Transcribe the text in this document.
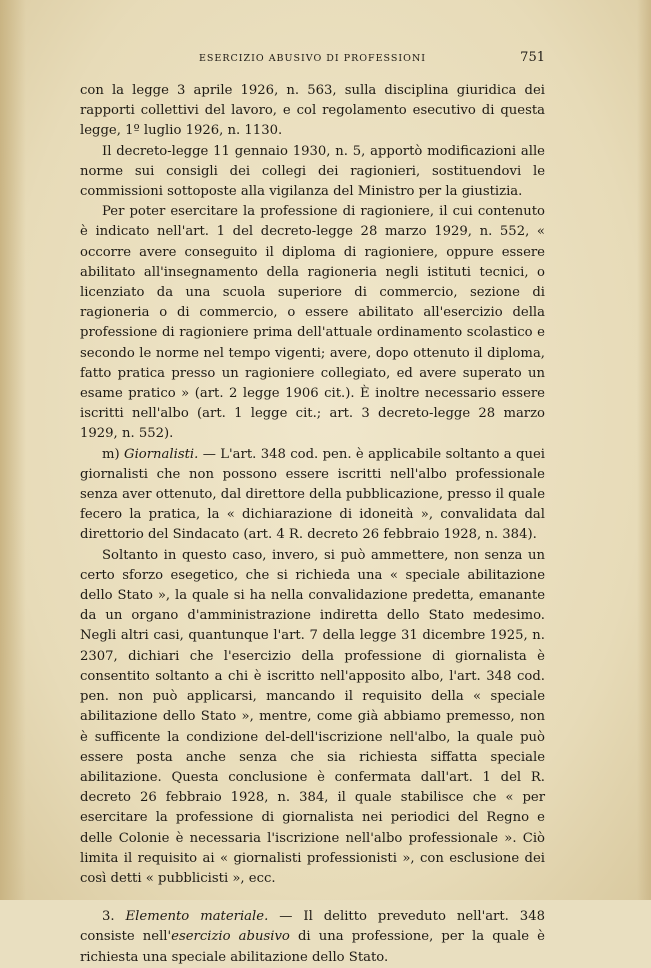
ESERCIZIO ABUSIVO DI PROFESSIONI	751

con la legge 3 aprile 1926, n. 563, sulla disciplina giuridica dei rapporti collettivi del lavoro, e col regolamento esecutivo di questa legge, 1º luglio 1926, n. 1130.

Il decreto-legge 11 gennaio 1930, n. 5, apportò modificazioni alle norme sui consigli dei collegi dei ragionieri, sostituendovi le commissioni sottoposte alla vigilanza del Ministro per la giustizia.

Per poter esercitare la professione di ragioniere, il cui contenuto è indicato nell'art. 1 del decreto-legge 28 marzo 1929, n. 552, « occorre avere conseguito il diploma di ragioniere, oppure essere abilitato all'insegnamento della ragioneria negli istituti tecnici, o licenziato da una scuola superiore di commercio, sezione di ragioneria o di commercio, o essere abilitato all'esercizio della professione di ragioniere prima dell'attuale ordinamento scolastico e secondo le norme nel tempo vigenti; avere, dopo ottenuto il diploma, fatto pratica presso un ragioniere collegiato, ed avere superato un esame pratico » (art. 2 legge 1906 cit.). È inoltre necessario essere iscritti nell'albo (art. 1 legge cit.; art. 3 decreto-legge 28 marzo 1929, n. 552).

m) Giornalisti. — L'art. 348 cod. pen. è applicabile soltanto a quei giornalisti che non possono essere iscritti nell'albo professionale senza aver ottenuto, dal direttore della pubblicazione, presso il quale fecero la pratica, la « dichiarazione di idoneità », convalidata dal direttorio del Sindacato (art. 4 R. decreto 26 febbraio 1928, n. 384).

Soltanto in questo caso, invero, si può ammettere, non senza un certo sforzo esegetico, che si richieda una « speciale abilitazione dello Stato », la quale si ha nella convalidazione predetta, emanante da un organo d'amministrazione indiretta dello Stato medesimo. Negli altri casi, quantunque l'art. 7 della legge 31 dicembre 1925, n. 2307, dichiari che l'esercizio della professione di giornalista è consentito soltanto a chi è iscritto nell'apposito albo, l'art. 348 cod. pen. non può applicarsi, mancando il requisito della « speciale abilitazione dello Stato », mentre, come già abbiamo premesso, non è sufficente la condizione del-dell'iscrizione nell'albo, la quale può essere posta anche senza che sia richiesta siffatta speciale abilitazione. Questa conclusione è confermata dall'art. 1 del R. decreto 26 febbraio 1928, n. 384, il quale stabilisce che « per esercitare la professione di giornalista nei periodici del Regno e delle Colonie è necessaria l'iscrizione nell'albo professionale ». Ciò limita il requisito ai « giornalisti professionisti », con esclusione dei così detti « pubblicisti », ecc.

3. Elemento materiale. — Il delitto preveduto nell'art. 348 consiste nell'esercizio abusivo di una professione, per la quale è richiesta una speciale abilitazione dello Stato.
